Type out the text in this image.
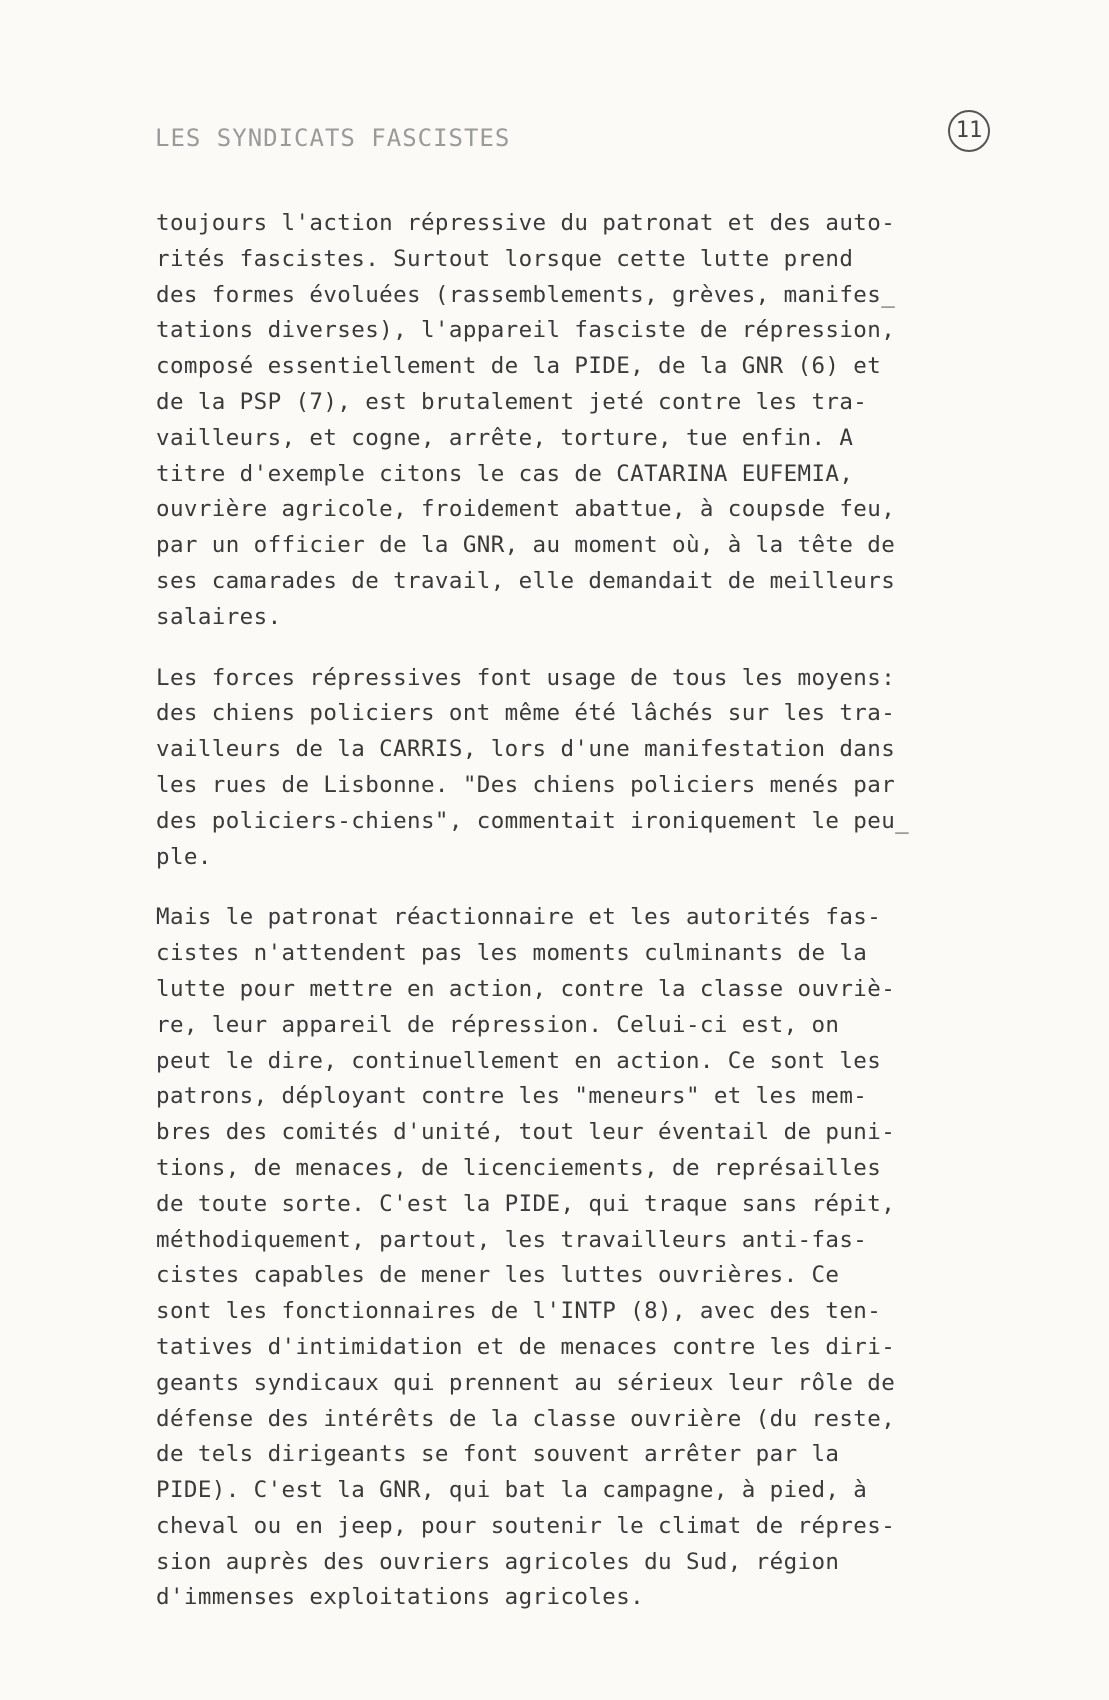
LES SYNDICATS FASCISTES	11
toujours l'action répressive du patronat et des auto-
rités fascistes. Surtout lorsque cette lutte prend
des formes évoluées (rassemblements, grèves, manifes_
tations diverses), l'appareil fasciste de répression,
composé essentiellement de la PIDE, de la GNR (6) et
de la PSP (7), est brutalement jeté contre les tra-
vailleurs, et cogne, arrête, torture, tue enfin. A
titre d'exemple citons le cas de CATARINA EUFEMIA,
ouvrière agricole, froidement abattue, à coupsde feu,
par un officier de la GNR, au moment où, à la tête de
ses camarades de travail, elle demandait de meilleurs
salaires.
Les forces répressives font usage de tous les moyens:
des chiens policiers ont même été lâchés sur les tra-
vailleurs de la CARRIS, lors d'une manifestation dans
les rues de Lisbonne. "Des chiens policiers menés par
des policiers-chiens", commentait ironiquement le peu_
ple.
Mais le patronat réactionnaire et les autorités fas-
cistes n'attendent pas les moments culminants de la
lutte pour mettre en action, contre la classe ouvriè-
re, leur appareil de répression. Celui-ci est, on
peut le dire, continuellement en action. Ce sont les
patrons, déployant contre les "meneurs" et les mem-
bres des comités d'unité, tout leur éventail de puni-
tions, de menaces, de licenciements, de représailles
de toute sorte. C'est la PIDE, qui traque sans répit,
méthodiquement, partout, les travailleurs anti-fas-
cistes capables de mener les luttes ouvrières. Ce
sont les fonctionnaires de l'INTP (8), avec des ten-
tatives d'intimidation et de menaces contre les diri-
geants syndicaux qui prennent au sérieux leur rôle de
défense des intérêts de la classe ouvrière (du reste,
de tels dirigeants se font souvent arrêter par la
PIDE). C'est la GNR, qui bat la campagne, à pied, à
cheval ou en jeep, pour soutenir le climat de répres-
sion auprès des ouvriers agricoles du Sud, région
d'immenses exploitations agricoles.
